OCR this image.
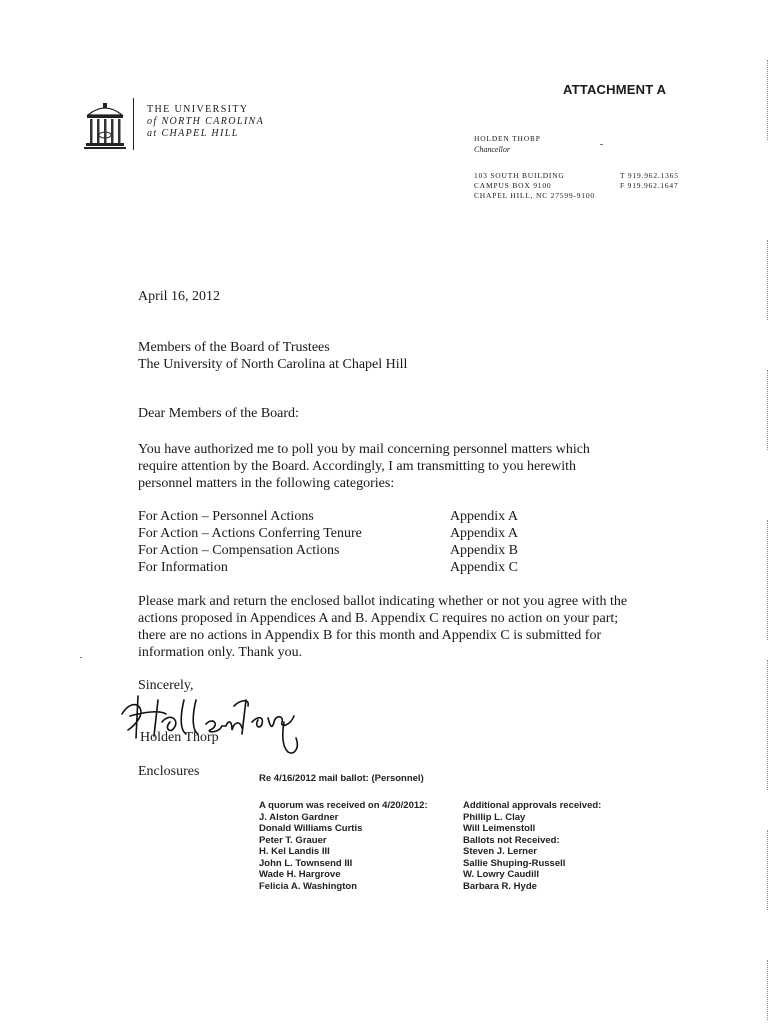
ATTACHMENT A
THE UNIVERSITY
of NORTH CAROLINA
at CHAPEL HILL	HOLDEN THORP
Chancellor
103 SOUTH BUILDING
CAMPUS BOX 9100
CHAPEL HILL, NC 27599-9100
T 919.962.1365
F 919.962.1647
April 16, 2012
Members of the Board of Trustees
The University of North Carolina at Chapel Hill
Dear Members of the Board:
You have authorized me to poll you by mail concerning personnel matters which require attention by the Board. Accordingly, I am transmitting to you herewith personnel matters in the following categories:
For Action – Personnel Actions	Appendix A
For Action – Actions Conferring Tenure	Appendix A
For Action – Compensation Actions	Appendix B
For Information	Appendix C
Please mark and return the enclosed ballot indicating whether or not you agree with the actions proposed in Appendices A and B. Appendix C requires no action on your part; there are no actions in Appendix B for this month and Appendix C is submitted for information only. Thank you.
Sincerely,
Holden Thorp
Enclosures	Re 4/16/2012 mail ballot: (Personnel)
A quorum was received on 4/20/2012:
J. Alston Gardner
Donald Williams Curtis
Peter T. Grauer
H. Kel Landis III
John L. Townsend III
Wade H. Hargrove
Felicia A. Washington
Additional approvals received:
Phillip L. Clay
Will Leimenstoll
Ballots not Received:
Steven J. Lerner
Sallie Shuping-Russell
W. Lowry Caudill
Barbara R. Hyde
